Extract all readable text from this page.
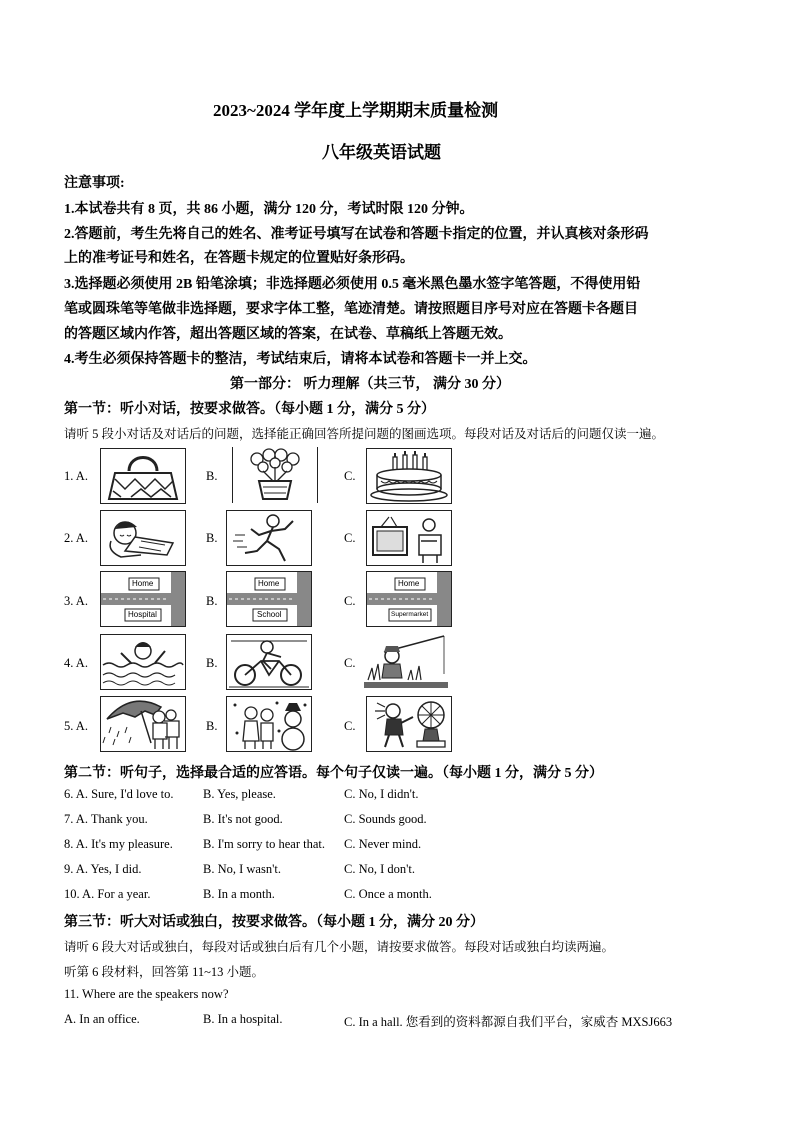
2023~2024 学年度上学期期末质量检测
八年级英语试题
注意事项:
1.本试卷共有 8 页，共 86 小题，满分 120 分，考试时限 120 分钟。
2.答题前，考生先将自己的姓名、准考证号填写在试卷和答题卡指定的位置，并认真核对条形码
上的准考证号和姓名，在答题卡规定的位置贴好条形码。
3.选择题必须使用 2B 铅笔涂填；非选择题必须使用 0.5 毫米黑色墨水签字笔答题，不得使用铅
笔或圆珠笔等笔做非选择题，要求字体工整，笔迹清楚。请按照题目序号对应在答题卡各题目
的答题区域内作答，超出答题区域的答案，在试卷、草稿纸上答题无效。
4.考生必须保持答题卡的整洁，考试结束后，请将本试卷和答题卡一并上交。
第一部分： 听力理解（共三节， 满分 30 分）
第一节：听小对话，按要求做答。（每小题 1 分，满分 5 分）
请听 5 段小对话及对话后的问题，选择能正确回答所提问题的图画选项。每段对话及对话后的问题仅读一遍。
1. A.	B.	C.
2. A.	B.	C.
3. A.	B.	C.
4. A.	B.	C.
5. A.	B.	C.
Home
Hospital
Home
School
Home
Supermarket
第二节：听句子，选择最合适的应答语。每个句子仅读一遍。（每小题 1 分，满分 5 分）
6. A. Sure, I'd love to. B. Yes, please.	C. No, I didn't.
7. A. Thank you.	B. It's not good.	C. Sounds good.
8. A. It's my pleasure. B. I'm sorry to hear that. C. Never mind.
9. A. Yes, I did.	B. No, I wasn't.	C. No, I don't.
10. A. For a year.	B. In a month.	C. Once a month.
第三节：听大对话或独白，按要求做答。（每小题 1 分，满分 20 分）
请听 6 段大对话或独白，每段对话或独白后有几个小题，请按要求做答。每段对话或独白均读两遍。
听第 6 段材料，回答第 11~13 小题。
11. Where are the speakers now?
A. In an office.	B. In a hospital.	C. In a hall. 您看到的资料都源自我们平台，家威杏 MXSJ663
